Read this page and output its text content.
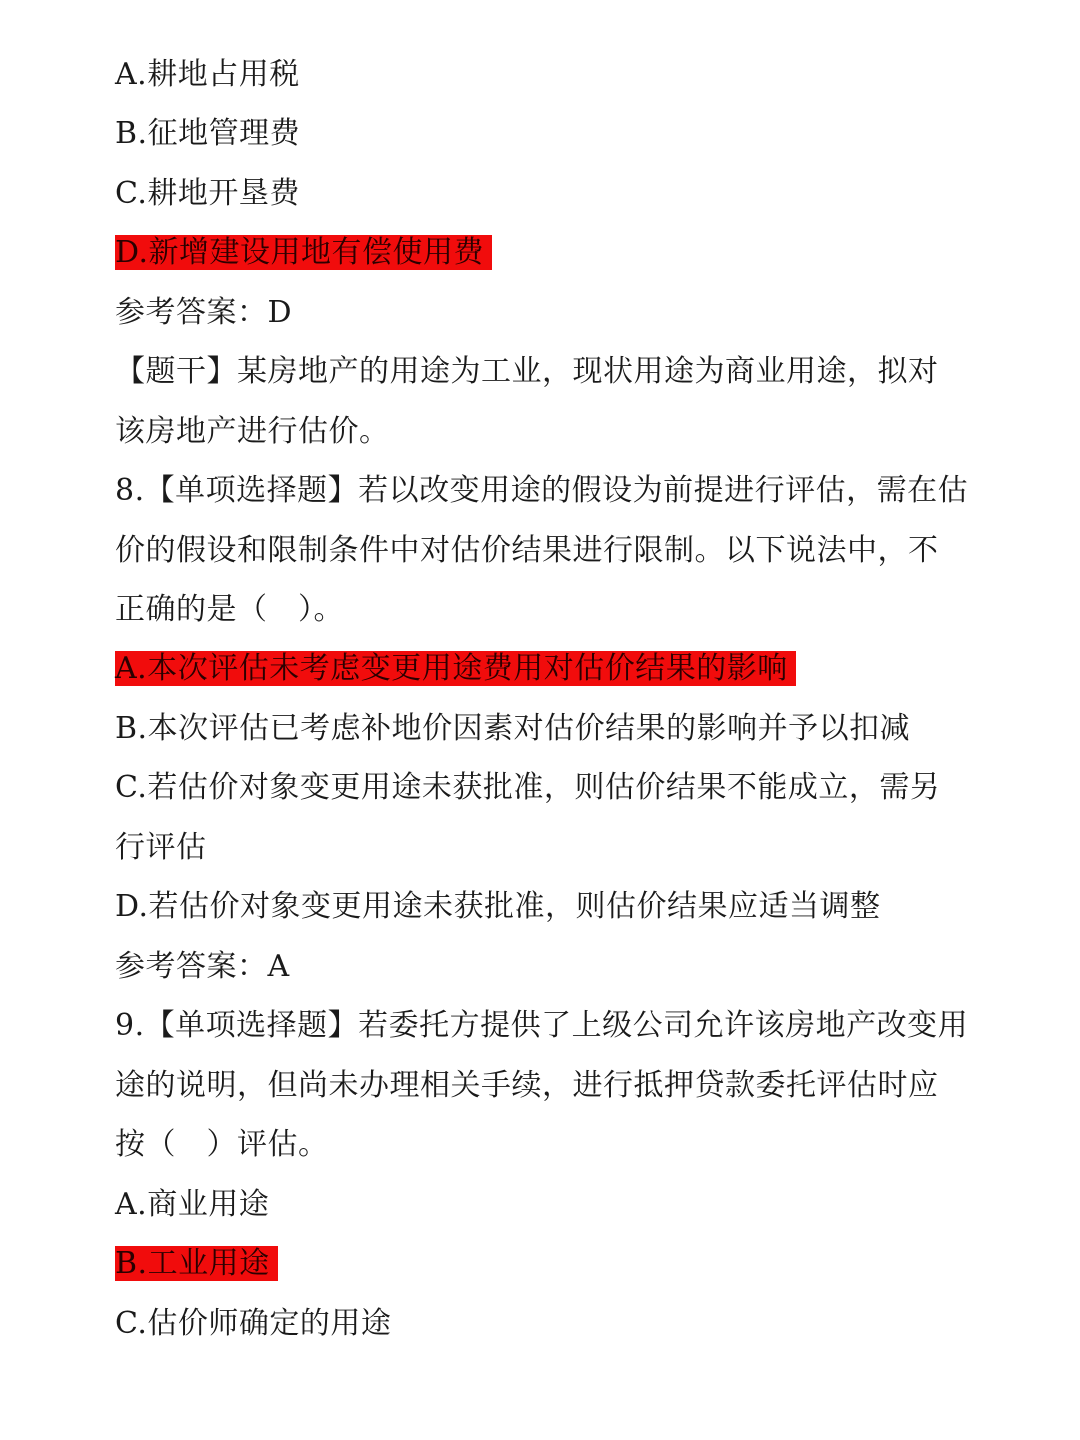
A.耕地占用税
B.征地管理费
C.耕地开垦费
D.新增建设用地有偿使用费
参考答案：D
【题干】某房地产的用途为工业，现状用途为商业用途，拟对
该房地产进行估价。
8.【单项选择题】若以改变用途的假设为前提进行评估，需在估
价的假设和限制条件中对估价结果进行限制。以下说法中，不
正确的是（　）。
A.本次评估未考虑变更用途费用对估价结果的影响
B.本次评估已考虑补地价因素对估价结果的影响并予以扣减
C.若估价对象变更用途未获批准，则估价结果不能成立，需另
行评估
D.若估价对象变更用途未获批准，则估价结果应适当调整
参考答案：A
9.【单项选择题】若委托方提供了上级公司允许该房地产改变用
途的说明，但尚未办理相关手续，进行抵押贷款委托评估时应
按（　）评估。
A.商业用途
B.工业用途
C.估价师确定的用途
